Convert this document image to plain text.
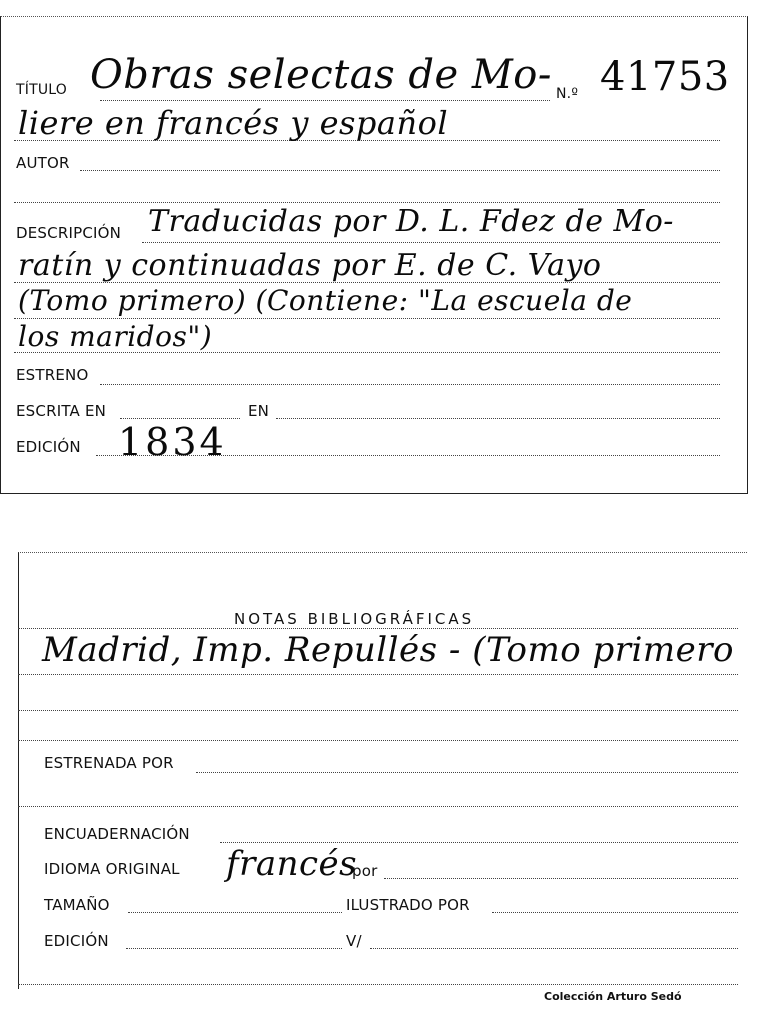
TÍTULO Obras selectas de Mo- N.º 41753
liere en francés y español
AUTOR
DESCRIPCIÓN Traducidas por D. L. Fdez de Mo-
ratín y continuadas por E. de C. Vayo
(Tomo primero) (Contiene: "La escuela de
los maridos")
ESTRENO
ESCRITA EN	EN
EDICIÓN 1834
NOTAS BIBLIOGRÁFICAS
Madrid, Imp. Repullés - (Tomo primero
ESTRENADA POR
ENCUADERNACIÓN
IDIOMA ORIGINAL francés
por
TAMAÑO	ILUSTRADO POR
EDICIÓN	V/
Colección Arturo Sedó
